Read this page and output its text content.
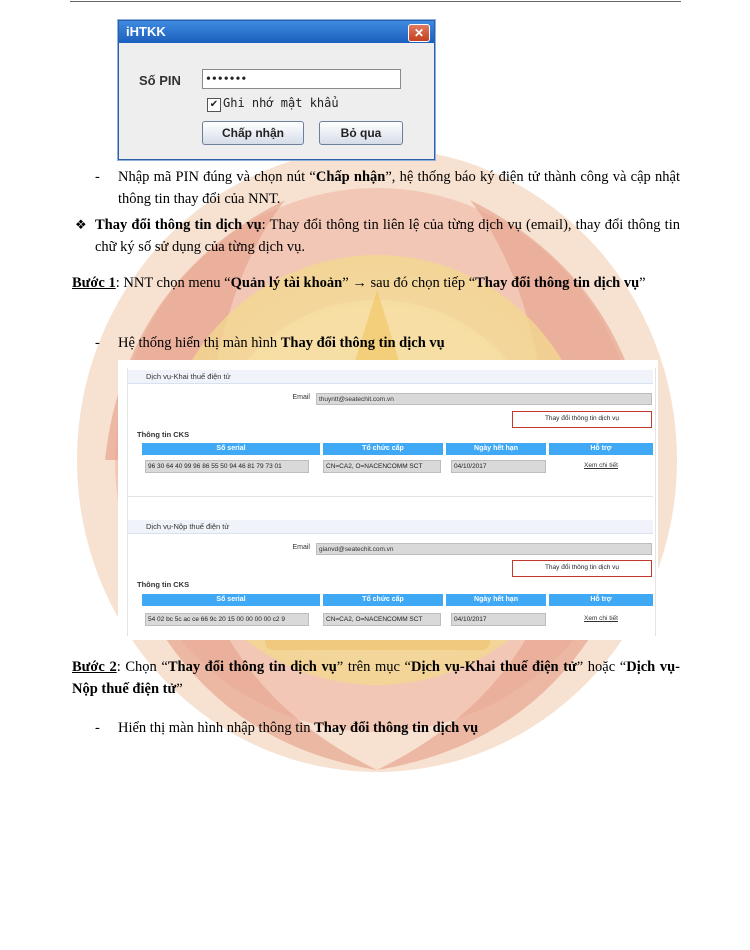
iHTKK	✕
Số PIN •••••••
✔ Ghi nhớ mật khẩu
Chấp nhận	Bỏ qua
- Nhập mã PIN đúng và chọn nút “Chấp nhận”, hệ thống báo ký điện tử thành công và cập nhật thông tin thay đổi của NNT.

❖ Thay đổi thông tin dịch vụ: Thay đổi thông tin liên lệ của từng dịch vụ (email), thay đổi thông tin chữ ký số sử dụng của từng dịch vụ.

Bước 1: NNT chọn menu “Quản lý tài khoản” → sau đó chọn tiếp “Thay đổi thông tin dịch vụ”

- Hệ thống hiển thị màn hình Thay đổi thông tin dịch vụ

Dịch vụ-Khai thuế điện tử
Email	thuyntt@seatechit.com.vn
Thay đổi thông tin dịch vụ
Thông tin CKS
Số serial	Tổ chức cấp	Ngày hết hạn	Hỗ trợ
96 30 64 40 99 96 86 55 50 94 46 81 79 73 01	CN=CA2, O=NACENCOMM SCT	04/10/2017	Xem chi tiết
Dịch vụ-Nộp thuế điện tử
Email	gianvd@seatechit.com.vn
Thay đổi thông tin dịch vụ
Thông tin CKS
Số serial	Tổ chức cấp	Ngày hết hạn	Hỗ trợ
54 02 bc 5c ac ce 66 9c 20 15 00 00 00 00 c2 9	CN=CA2, O=NACENCOMM SCT	04/10/2017	Xem chi tiết

Bước 2: Chọn “Thay đổi thông tin dịch vụ” trên mục “Dịch vụ-Khai thuế điện tử” hoặc “Dịch vụ-Nộp thuế điện tử”

- Hiển thị màn hình nhập thông tin Thay đổi thông tin dịch vụ
